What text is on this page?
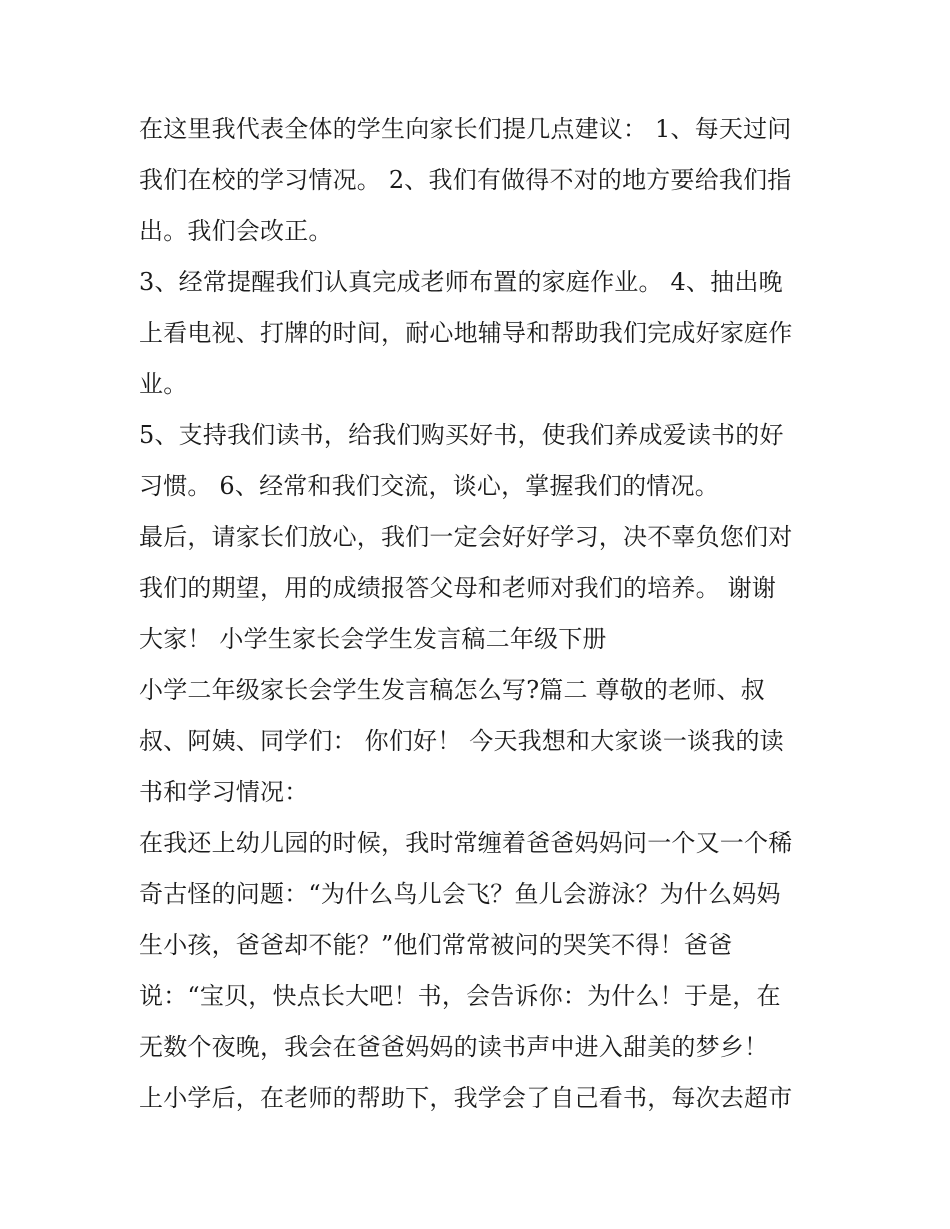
在这里我代表全体的学生向家长们提几点建议： 1、每天过问
我们在校的学习情况。 2、我们有做得不对的地方要给我们指
出。我们会改正。
3、经常提醒我们认真完成老师布置的家庭作业。 4、抽出晚
上看电视、打牌的时间，耐心地辅导和帮助我们完成好家庭作
业。
5、支持我们读书，给我们购买好书，使我们养成爱读书的好
习惯。 6、经常和我们交流，谈心，掌握我们的情况。
最后，请家长们放心，我们一定会好好学习，决不辜负您们对
我们的期望，用的成绩报答父母和老师对我们的培养。 谢谢
大家！ 小学生家长会学生发言稿二年级下册
小学二年级家长会学生发言稿怎么写?篇二 尊敬的老师、叔
叔、阿姨、同学们： 你们好！ 今天我想和大家谈一谈我的读
书和学习情况：
在我还上幼儿园的时候，我时常缠着爸爸妈妈问一个又一个稀
奇古怪的问题：“为什么鸟儿会飞？鱼儿会游泳？为什么妈妈
生小孩，爸爸却不能？”他们常常被问的哭笑不得！爸爸
说：“宝贝，快点长大吧！书，会告诉你：为什么！于是，在
无数个夜晚，我会在爸爸妈妈的读书声中进入甜美的梦乡！
上小学后，在老师的帮助下，我学会了自己看书，每次去超市
